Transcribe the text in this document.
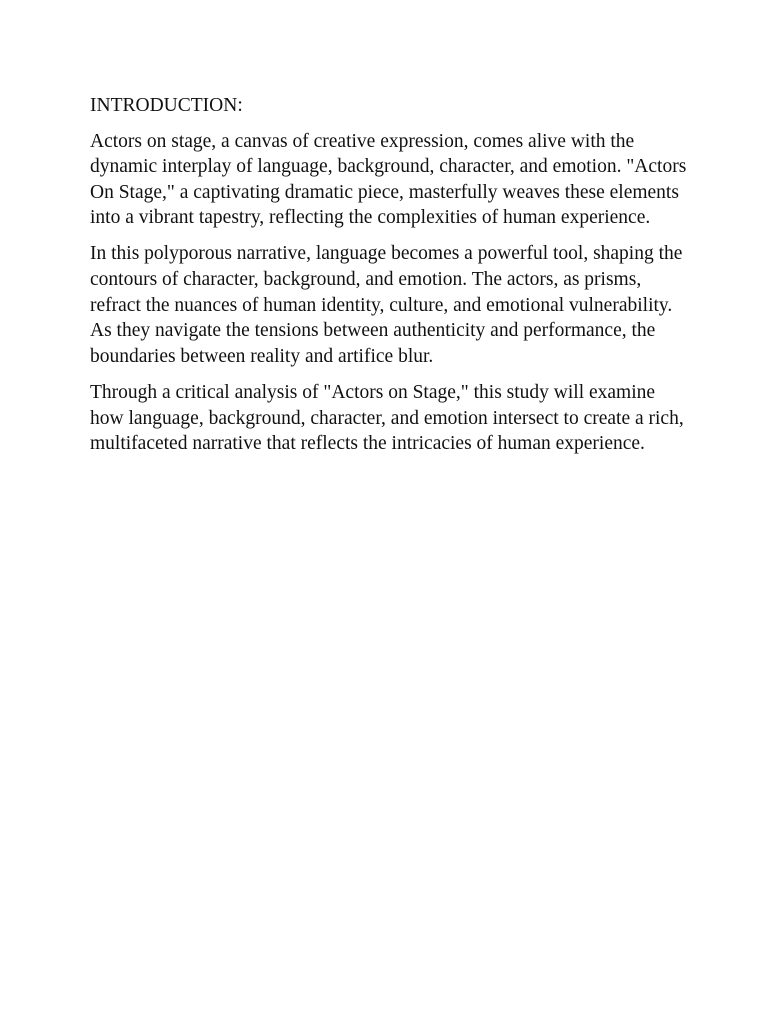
INTRODUCTION:

Actors on stage, a canvas of creative expression, comes alive with the dynamic interplay of language, background, character, and emotion. "Actors On Stage," a captivating dramatic piece, masterfully weaves these elements into a vibrant tapestry, reflecting the complexities of human experience.

In this polyporous narrative, language becomes a powerful tool, shaping the contours of character, background, and emotion. The actors, as prisms, refract the nuances of human identity, culture, and emotional vulnerability. As they navigate the tensions between authenticity and performance, the boundaries between reality and artifice blur.

Through a critical analysis of "Actors on Stage," this study will examine how language, background, character, and emotion intersect to create a rich, multifaceted narrative that reflects the intricacies of human experience.
